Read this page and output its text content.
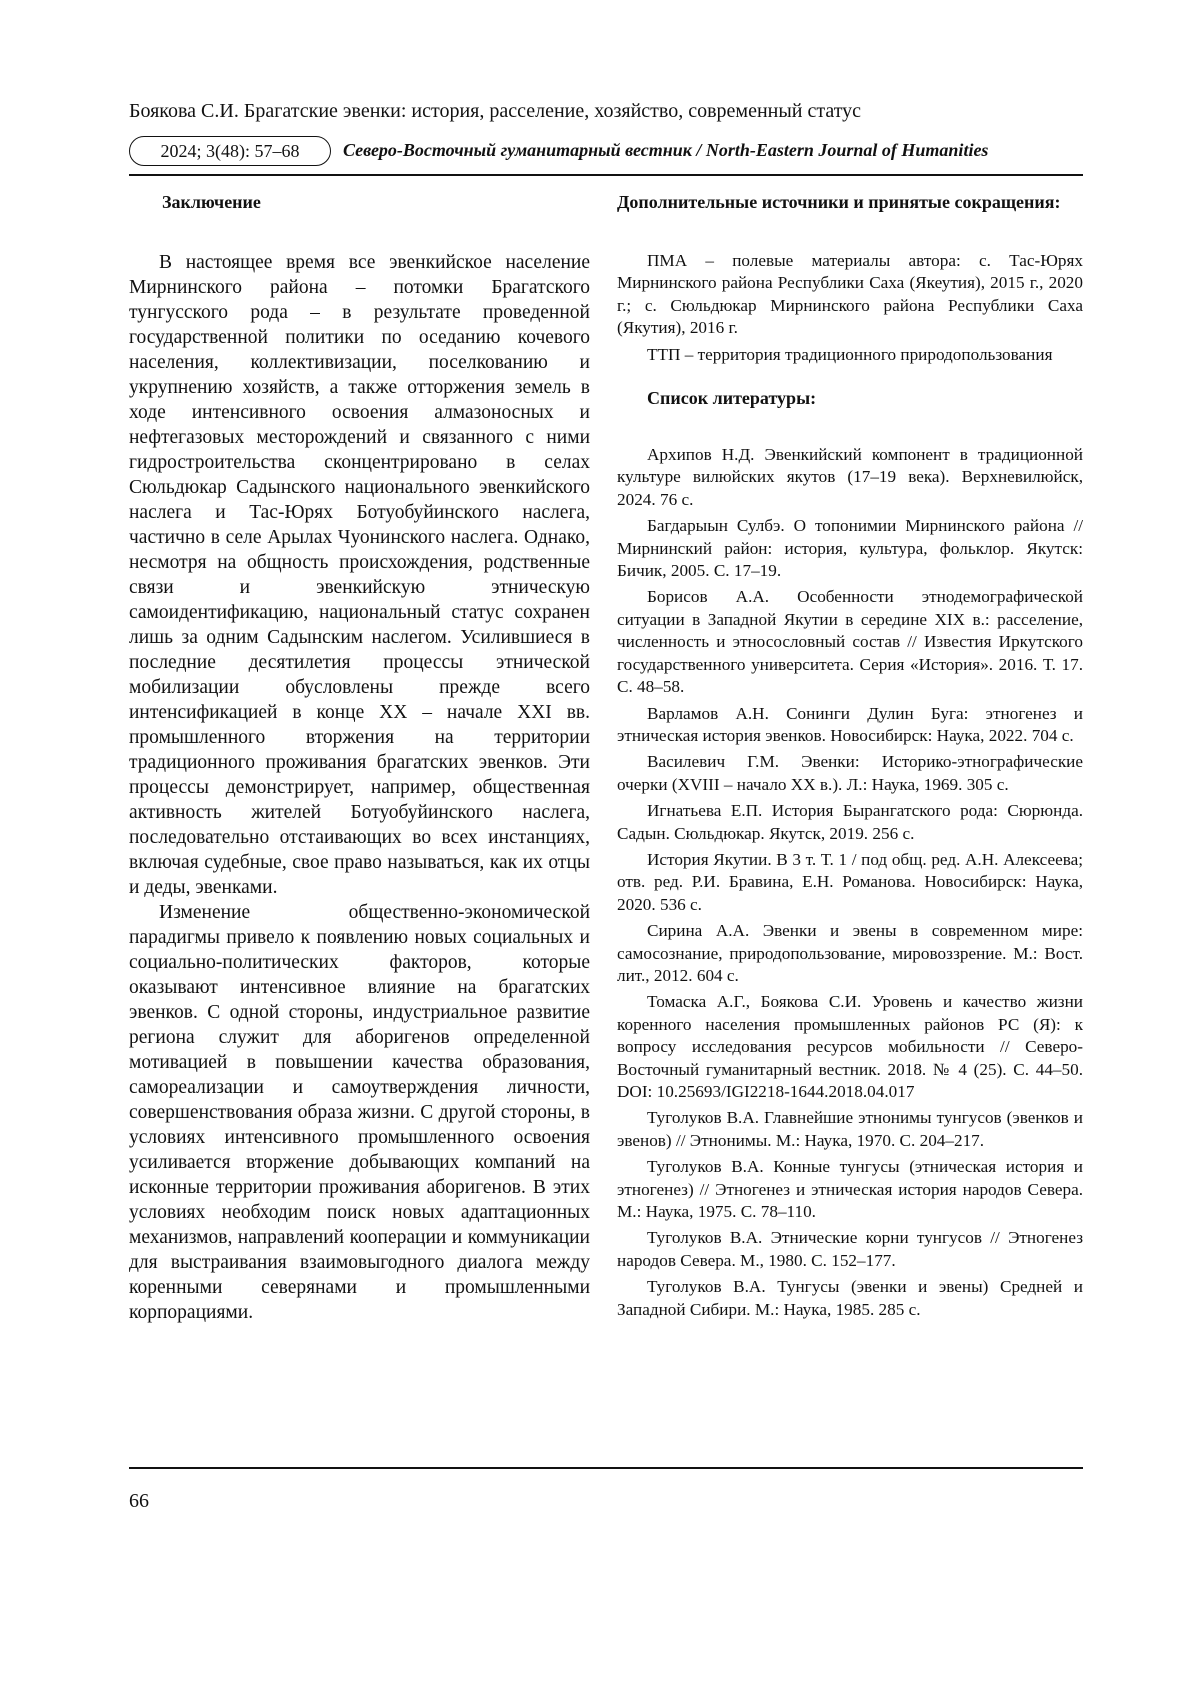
Боякова С.И. Брагатские эвенки: история, расселение, хозяйство, современный статус
2024; 3(48): 57–68	Северо-Восточный гуманитарный вестник / North-Eastern Journal of Humanities
Заключение

В настоящее время все эвенкийское население Мирнинского района – потомки Брагатского тунгусского рода – в результате проведенной государственной политики по оседанию кочевого населения, коллективизации, поселкованию и укрупнению хозяйств, а также отторжения земель в ходе интенсивного освоения алмазоносных и нефтегазовых месторождений и связанного с ними гидростроительства сконцентрировано в селах Сюльдюкар Садынского национального эвенкийского наслега и Тас-Юрях Ботуобуйинского наслега, частично в селе Арылах Чуонинского наслега. Однако, несмотря на общность происхождения, родственные связи и эвенкийскую этническую самоидентификацию, национальный статус сохранен лишь за одним Садынским наслегом. Усилившиеся в последние десятилетия процессы этнической мобилизации обусловлены прежде всего интенсификацией в конце XX – начале XXI вв. промышленного вторжения на территории традиционного проживания брагатских эвенков. Эти процессы демонстрирует, например, общественная активность жителей Ботуобуйинского наслега, последовательно отстаивающих во всех инстанциях, включая судебные, свое право называться, как их отцы и деды, эвенками.

Изменение общественно-экономической парадигмы привело к появлению новых социальных и социально-политических факторов, которые оказывают интенсивное влияние на брагатских эвенков. С одной стороны, индустриальное развитие региона служит для аборигенов определенной мотивацией в повышении качества образования, самореализации и самоутверждения личности, совершенствования образа жизни. С другой стороны, в условиях интенсивного промышленного освоения усиливается вторжение добывающих компаний на исконные территории проживания аборигенов. В этих условиях необходим поиск новых адаптационных механизмов, направлений кооперации и коммуникации для выстраивания взаимовыгодного диалога между коренными северянами и промышленными корпорациями.

Дополнительные источники и принятые сокращения:

ПМА – полевые материалы автора: с. Тас-Юрях Мирнинского района Республики Саха (Якеутия), 2015 г., 2020 г.; с. Сюльдюкар Мирнинского района Республики Саха (Якутия), 2016 г.

ТТП – территория традиционного природопользования

Список литературы:

Архипов Н.Д. Эвенкийский компонент в традиционной культуре вилюйских якутов (17–19 века). Верхневилюйск, 2024. 76 с.

Багдарыын Сулбэ. О топонимии Мирнинского района // Мирнинский район: история, культура, фольклор. Якутск: Бичик, 2005. С. 17–19.

Борисов А.А. Особенности этнодемографической ситуации в Западной Якутии в середине XIX в.: расселение, численность и этносословный состав // Известия Иркутского государственного университета. Серия «История». 2016. Т. 17. С. 48–58.

Варламов А.Н. Сонинги Дулин Буга: этногенез и этническая история эвенков. Новосибирск: Наука, 2022. 704 с.

Василевич Г.М. Эвенки: Историко-этнографические очерки (XVIII – начало XX в.). Л.: Наука, 1969. 305 с.

Игнатьева Е.П. История Бырангатского рода: Сюрюнда. Садын. Сюльдюкар. Якутск, 2019. 256 с.

История Якутии. В 3 т. Т. 1 / под общ. ред. А.Н. Алексеева; отв. ред. Р.И. Бравина, Е.Н. Романова. Новосибирск: Наука, 2020. 536 с.

Сирина А.А. Эвенки и эвены в современном мире: самосознание, природопользование, мировоззрение. М.: Вост. лит., 2012. 604 с.

Томаска А.Г., Боякова С.И. Уровень и качество жизни коренного населения промышленных районов РС (Я): к вопросу исследования ресурсов мобильности // Северо-Восточный гуманитарный вестник. 2018. № 4 (25). С. 44–50. DOI: 10.25693/IGI2218-1644.2018.04.017

Туголуков В.А. Главнейшие этнонимы тунгусов (эвенков и эвенов) // Этнонимы. М.: Наука, 1970. С. 204–217.

Туголуков В.А. Конные тунгусы (этническая история и этногенез) // Этногенез и этническая история народов Севера. М.: Наука, 1975. С. 78–110.

Туголуков В.А. Этнические корни тунгусов // Этногенез народов Севера. М., 1980. С. 152–177.

Туголуков В.А. Тунгусы (эвенки и эвены) Средней и Западной Сибири. М.: Наука, 1985. 285 с.

66
